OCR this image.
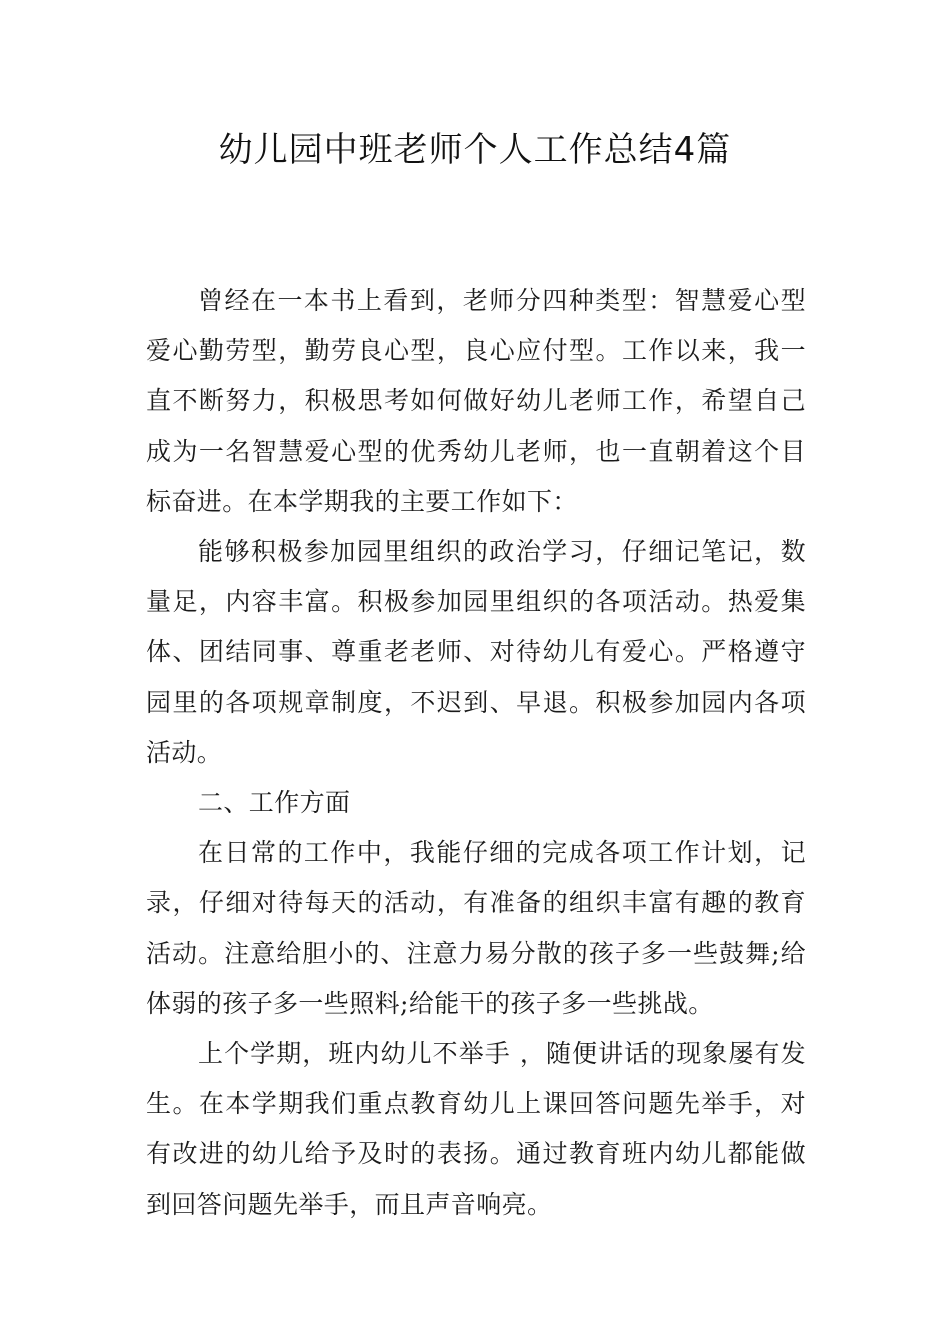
幼儿园中班老师个人工作总结4篇

曾经在一本书上看到，老师分四种类型：智慧爱心型爱心勤劳型，勤劳良心型，良心应付型。工作以来，我一直不断努力，积极思考如何做好幼儿老师工作，希望自己成为一名智慧爱心型的优秀幼儿老师，也一直朝着这个目标奋进。在本学期我的主要工作如下：

能够积极参加园里组织的政治学习，仔细记笔记，数量足，内容丰富。积极参加园里组织的各项活动。热爱集体、团结同事、尊重老老师、对待幼儿有爱心。严格遵守园里的各项规章制度，不迟到、早退。积极参加园内各项活动。

二、工作方面

在日常的工作中，我能仔细的完成各项工作计划，记录，仔细对待每天的活动，有准备的组织丰富有趣的教育活动。注意给胆小的、注意力易分散的孩子多一些鼓舞;给体弱的孩子多一些照料;给能干的孩子多一些挑战。

上个学期，班内幼儿不举手 ，随便讲话的现象屡有发生。在本学期我们重点教育幼儿上课回答问题先举手，对有改进的幼儿给予及时的表扬。通过教育班内幼儿都能做到回答问题先举手，而且声音响亮。
